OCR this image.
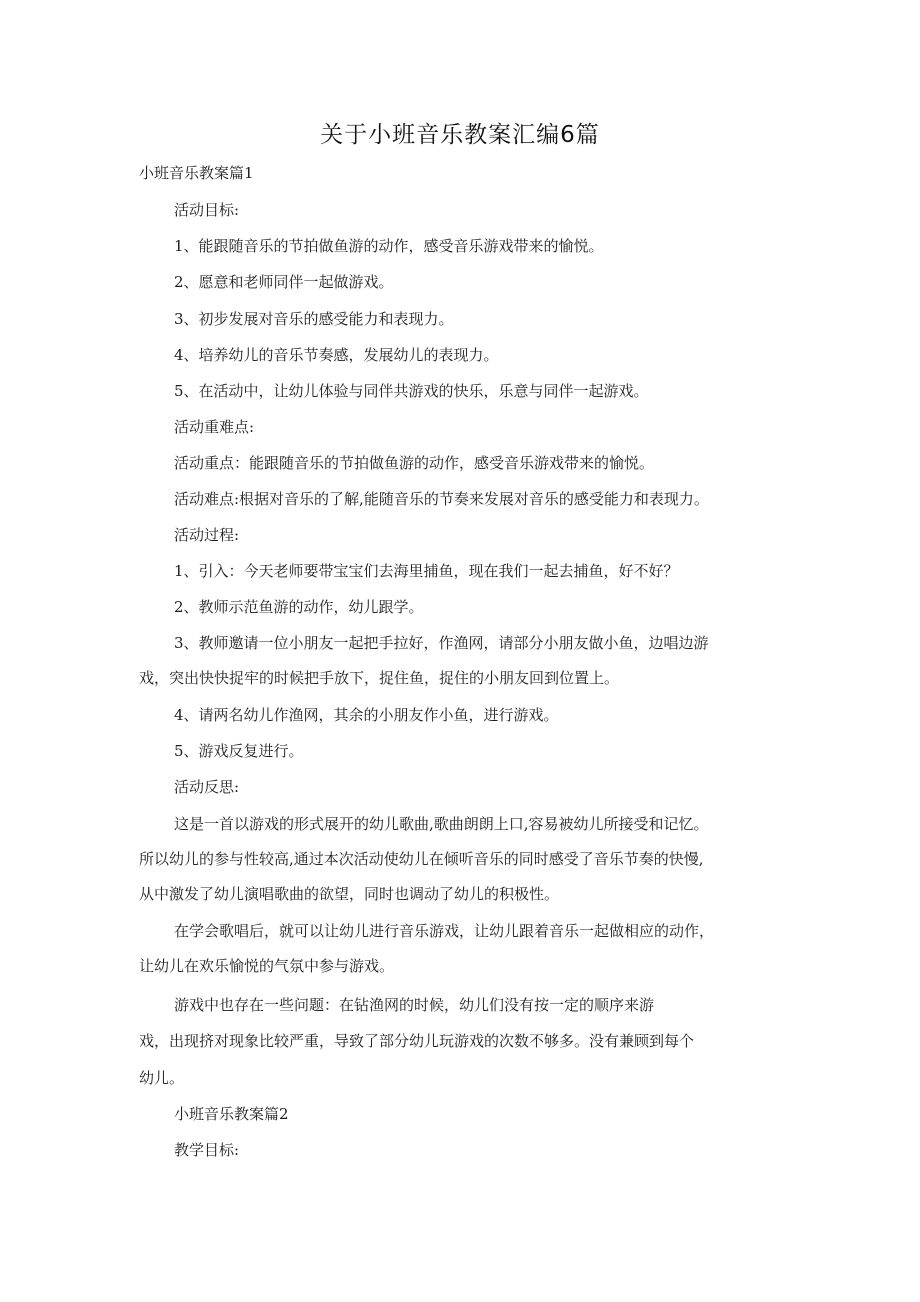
关于小班音乐教案汇编6篇
小班音乐教案篇1
活动目标:
1、能跟随音乐的节拍做鱼游的动作，感受音乐游戏带来的愉悦。
2、愿意和老师同伴一起做游戏。
3、初步发展对音乐的感受能力和表现力。
4、培养幼儿的音乐节奏感，发展幼儿的表现力。
5、在活动中，让幼儿体验与同伴共游戏的快乐，乐意与同伴一起游戏。
活动重难点:
活动重点：能跟随音乐的节拍做鱼游的动作，感受音乐游戏带来的愉悦。
活动难点:根据对音乐的了解,能随音乐的节奏来发展对音乐的感受能力和表现力。
活动过程:
1、引入：今天老师要带宝宝们去海里捕鱼，现在我们一起去捕鱼，好不好？
2、教师示范鱼游的动作，幼儿跟学。
3、教师邀请一位小朋友一起把手拉好，作渔网，请部分小朋友做小鱼，边唱边游
戏，突出快快捉牢的时候把手放下，捉住鱼，捉住的小朋友回到位置上。
4、请两名幼儿作渔网，其余的小朋友作小鱼，进行游戏。
5、游戏反复进行。
活动反思:
这是一首以游戏的形式展开的幼儿歌曲,歌曲朗朗上口,容易被幼儿所接受和记忆。
所以幼儿的参与性较高,通过本次活动使幼儿在倾听音乐的同时感受了音乐节奏的快慢,
从中激发了幼儿演唱歌曲的欲望，同时也调动了幼儿的积极性。
在学会歌唱后，就可以让幼儿进行音乐游戏，让幼儿跟着音乐一起做相应的动作，
让幼儿在欢乐愉悦的气氛中参与游戏。
游戏中也存在一些问题：在钻渔网的时候，幼儿们没有按一定的顺序来游
戏，出现挤对现象比较严重，导致了部分幼儿玩游戏的次数不够多。没有兼顾到每个
幼儿。
小班音乐教案篇2
教学目标:
